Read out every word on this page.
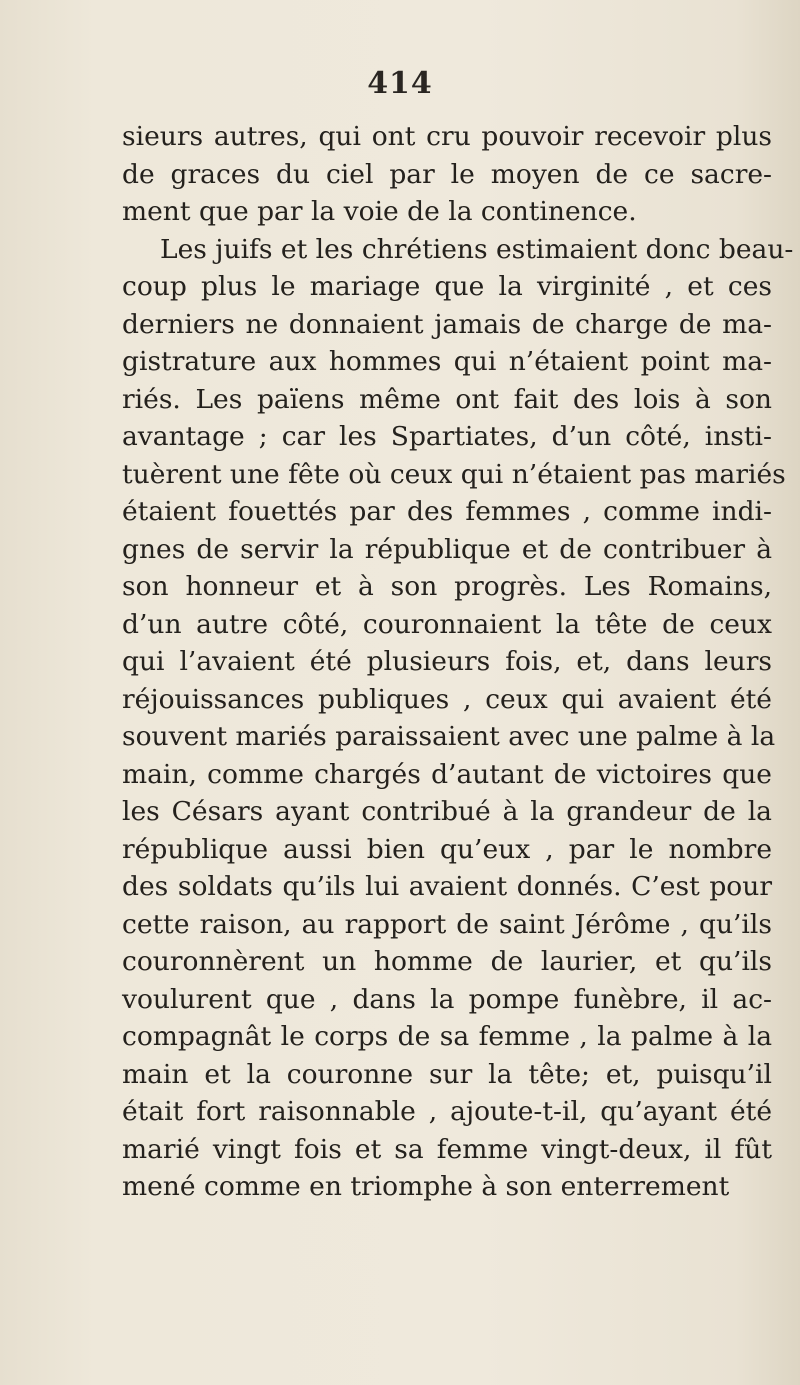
414
sieurs autres, qui ont cru pouvoir recevoir plus
de graces du ciel par le moyen de ce sacre-
ment que par la voie de la continence.
Les juifs et les chrétiens estimaient donc beau-
coup plus le mariage que la virginité , et ces
derniers ne donnaient jamais de charge de ma-
gistrature aux hommes qui n’étaient point ma-
riés. Les païens même ont fait des lois à son
avantage ; car les Spartiates, d’un côté, insti-
tuèrent une fête où ceux qui n’étaient pas mariés
étaient fouettés par des femmes , comme indi-
gnes de servir la république et de contribuer à
son honneur et à son progrès. Les Romains,
d’un autre côté, couronnaient la tête de ceux
qui l’avaient été plusieurs fois, et, dans leurs
réjouissances publiques , ceux qui avaient été
souvent mariés paraissaient avec une palme à la
main, comme chargés d’autant de victoires que
les Césars ayant contribué à la grandeur de la
république aussi bien qu’eux , par le nombre
des soldats qu’ils lui avaient donnés. C’est pour
cette raison, au rapport de saint Jérôme , qu’ils
couronnèrent un homme de laurier, et qu’ils
voulurent que , dans la pompe funèbre, il ac-
compagnât le corps de sa femme , la palme à la
main et la couronne sur la tête; et, puisqu’il
était fort raisonnable , ajoute-t-il, qu’ayant été
marié vingt fois et sa femme vingt-deux, il fût
mené comme en triomphe à son enterrement
